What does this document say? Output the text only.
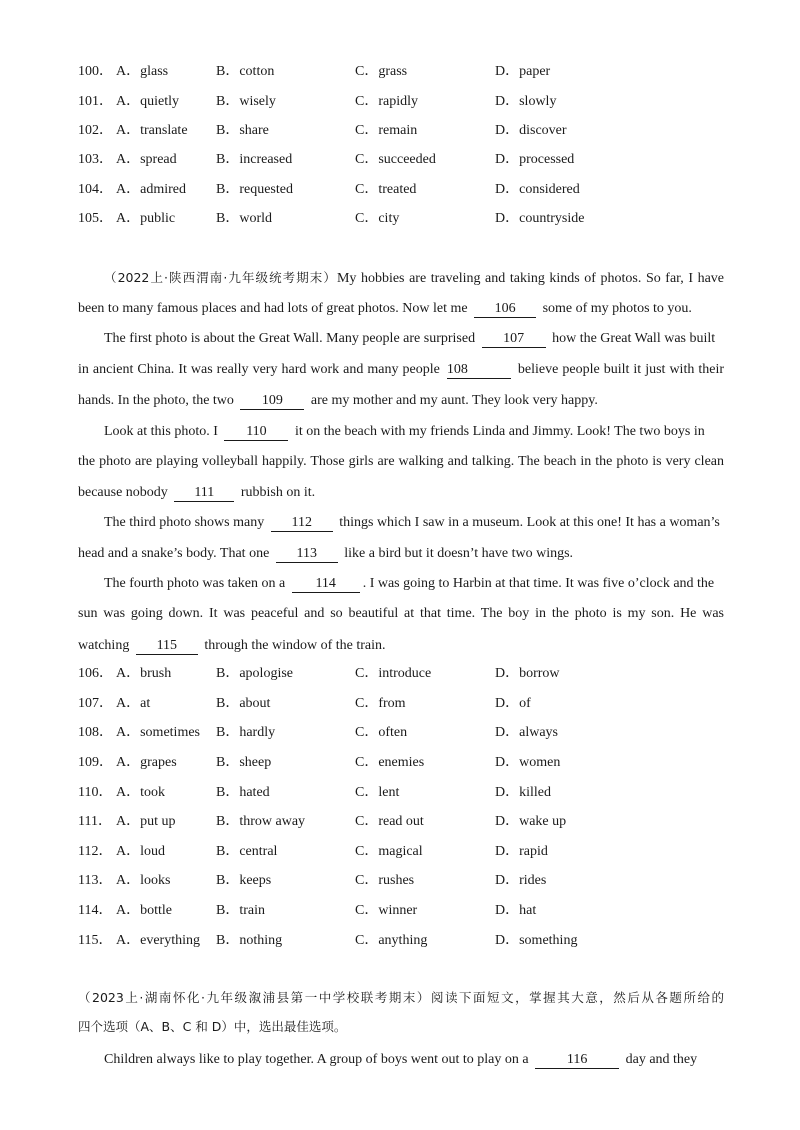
100． A．glass	B．cotton	C．grass	D．paper
101． A．quietly	B．wisely	C．rapidly	D．slowly
102． A．translate B．share	C．remain	D．discover
103． A．spread	B．increased	C．succeeded	D．processed
104． A．admired B．requested	C．treated	D．considered
105． A．public	B．world	C．city	D．countryside
（2022上·陕西渭南·九年级统考期末）My hobbies are traveling and taking kinds of photos. So far, I have
been to many famous places and had lots of great photos. Now let me 106 some of my photos to you.
The first photo is about the Great Wall. Many people are surprised 107 how the Great Wall was built
in ancient China. It was really very hard work and many people 108	believe people built it just with their
hands. In the photo, the two 109 are my mother and my aunt. They look very happy.
Look at this photo. I 110 it on the beach with my friends Linda and Jimmy. Look! The two boys in
the photo are playing volleyball happily. Those girls are walking and talking. The beach in the photo is very clean
because nobody 111 rubbish on it.
The third photo shows many 112 things which I saw in a museum. Look at this one! It has a woman’s
head and a snake’s body. That one 113 like a bird but it doesn’t have two wings.
The fourth photo was taken on a 114 . I was going to Harbin at that time. It was five o’clock and the
sun was going down. It was peaceful and so beautiful at that time. The boy in the photo is my son. He was
watching 115 through the window of the train.
106． A．brush	B．apologise	C．introduce	D．borrow
107． A．at	B．about	C．from	D．of
108． A．sometimes B．hardly	C．often	D．always
109． A．grapes	B．sheep	C．enemies	D．women
110． A．took	B．hated	C．lent	D．killed
111． A．put up	B．throw away	C．read out	D．wake up
112． A．loud	B．central	C．magical	D．rapid
113． A．looks	B．keeps	C．rushes	D．rides
114． A．bottle	B．train	C．winner	D．hat
115． A．everything B．nothing	C．anything	D．something
（2023上·湖南怀化·九年级溆浦县第一中学校联考期末）阅读下面短文，掌握其大意，然后从各题所给的
四个选项（A、B、C 和 D）中，选出最佳选项。
Children always like to play together. A group of boys went out to play on a	116	day and they
